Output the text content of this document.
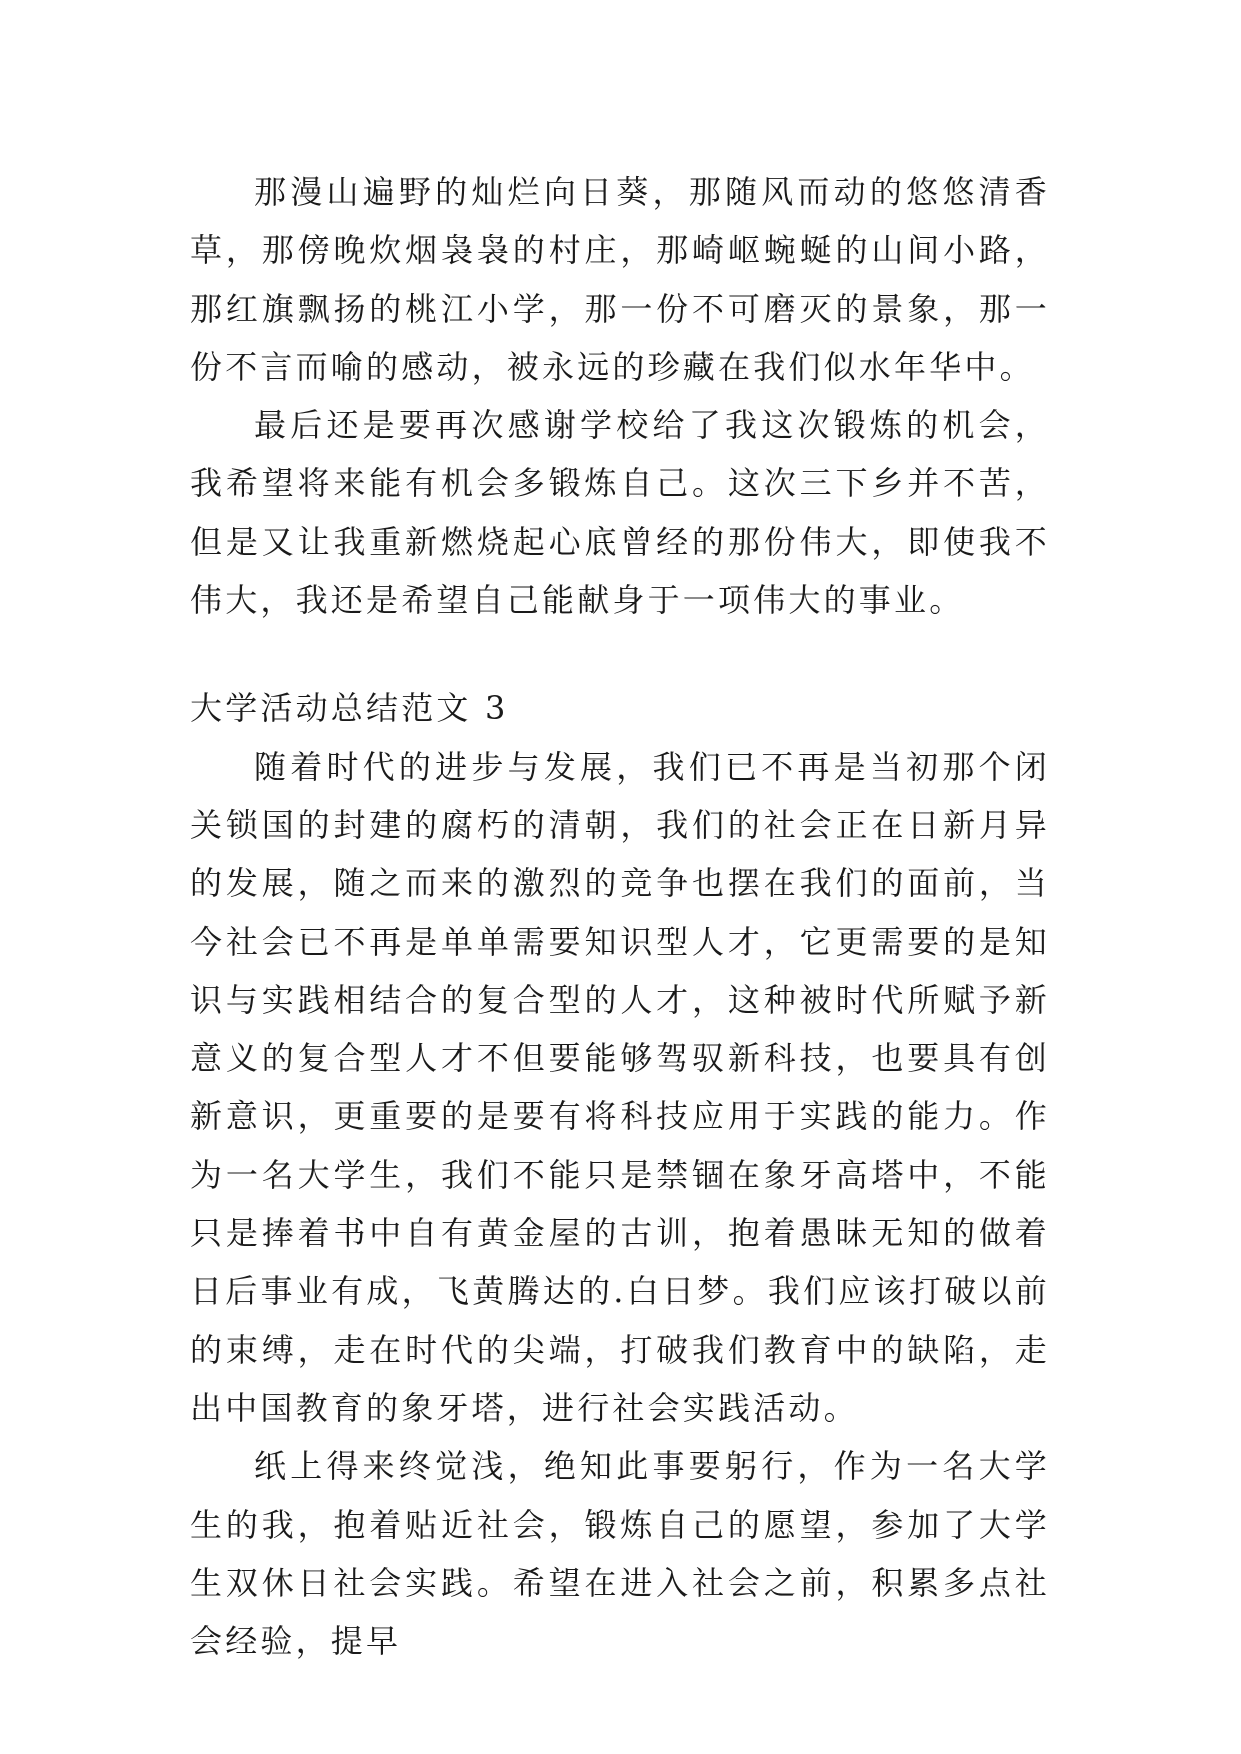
那漫山遍野的灿烂向日葵，那随风而动的悠悠清香草，那傍晚炊烟袅袅的村庄，那崎岖蜿蜒的山间小路，那红旗飘扬的桃江小学，那一份不可磨灭的景象，那一份不言而喻的感动，被永远的珍藏在我们似水年华中。

最后还是要再次感谢学校给了我这次锻炼的机会，我希望将来能有机会多锻炼自己。这次三下乡并不苦，但是又让我重新燃烧起心底曾经的那份伟大，即使我不伟大，我还是希望自己能献身于一项伟大的事业。

大学活动总结范文 3

随着时代的进步与发展，我们已不再是当初那个闭关锁国的封建的腐朽的清朝，我们的社会正在日新月异的发展，随之而来的激烈的竞争也摆在我们的面前，当今社会已不再是单单需要知识型人才，它更需要的是知识与实践相结合的复合型的人才，这种被时代所赋予新意义的复合型人才不但要能够驾驭新科技，也要具有创新意识，更重要的是要有将科技应用于实践的能力。作为一名大学生，我们不能只是禁锢在象牙高塔中，不能只是捧着书中自有黄金屋的古训，抱着愚昧无知的做着日后事业有成，飞黄腾达的.白日梦。我们应该打破以前的束缚，走在时代的尖端，打破我们教育中的缺陷，走出中国教育的象牙塔，进行社会实践活动。

纸上得来终觉浅，绝知此事要躬行，作为一名大学生的我，抱着贴近社会，锻炼自己的愿望，参加了大学生双休日社会实践。希望在进入社会之前，积累多点社会经验，提早
